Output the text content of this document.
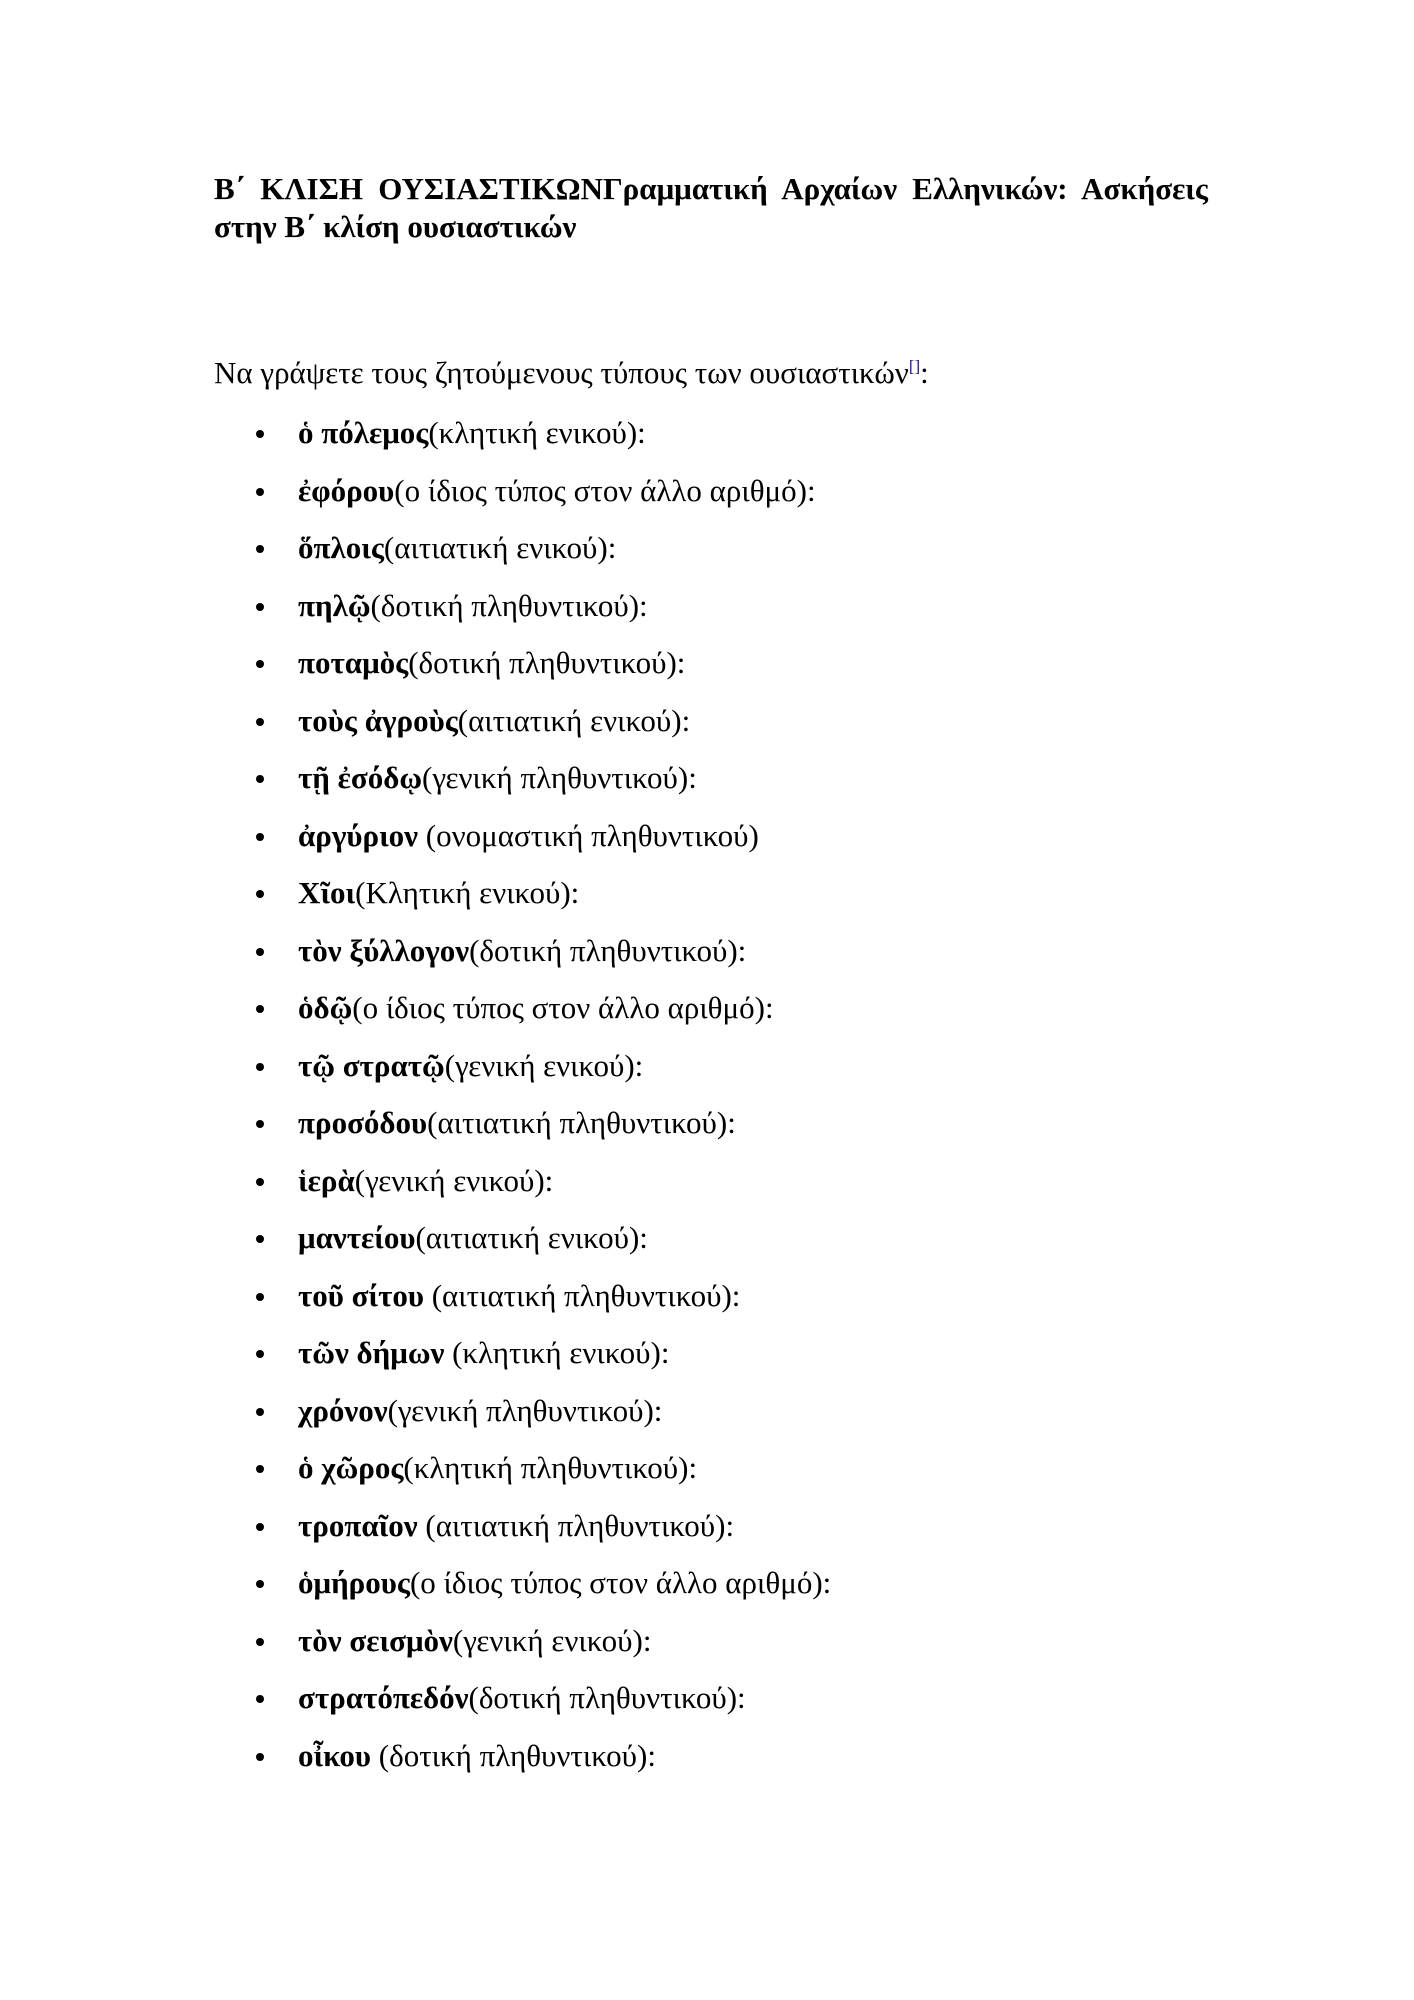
Β΄ ΚΛΙΣΗ ΟΥΣΙΑΣΤΙΚΩΝΓραμματική Αρχαίων Ελληνικών: Ασκήσεις στην Β΄ κλίση ουσιαστικών

Να γράψετε τους ζητούμενους τύπους των ουσιαστικών[]:

ὁ πόλεμος(κλητική ενικού):
ἐφόρου(ο ίδιος τύπος στον άλλο αριθμό):
ὅπλοις(αιτιατική ενικού):
πηλῷ(δοτική πληθυντικού):
ποταμὸς(δοτική πληθυντικού):
τοὺς ἀγροὺς(αιτιατική ενικού):
τῇ ἐσόδῳ(γενική πληθυντικού):
ἀργύριον (ονομαστική πληθυντικού)
Χῖοι(Κλητική ενικού):
τὸν ξύλλογον(δοτική πληθυντικού):
ὁδῷ(ο ίδιος τύπος στον άλλο αριθμό):
τῷ στρατῷ(γενική ενικού):
προσόδου(αιτιατική πληθυντικού):
ἱερὰ(γενική ενικού):
μαντείου(αιτιατική ενικού):
τοῦ σίτου (αιτιατική πληθυντικού):
τῶν δήμων (κλητική ενικού):
χρόνον(γενική πληθυντικού):
ὁ χῶρος(κλητική πληθυντικού):
τροπαῖον (αιτιατική πληθυντικού):
ὁμήρους(ο ίδιος τύπος στον άλλο αριθμό):
τὸν σεισμὸν(γενική ενικού):
στρατόπεδόν(δοτική πληθυντικού):
οἶκου (δοτική πληθυντικού):
